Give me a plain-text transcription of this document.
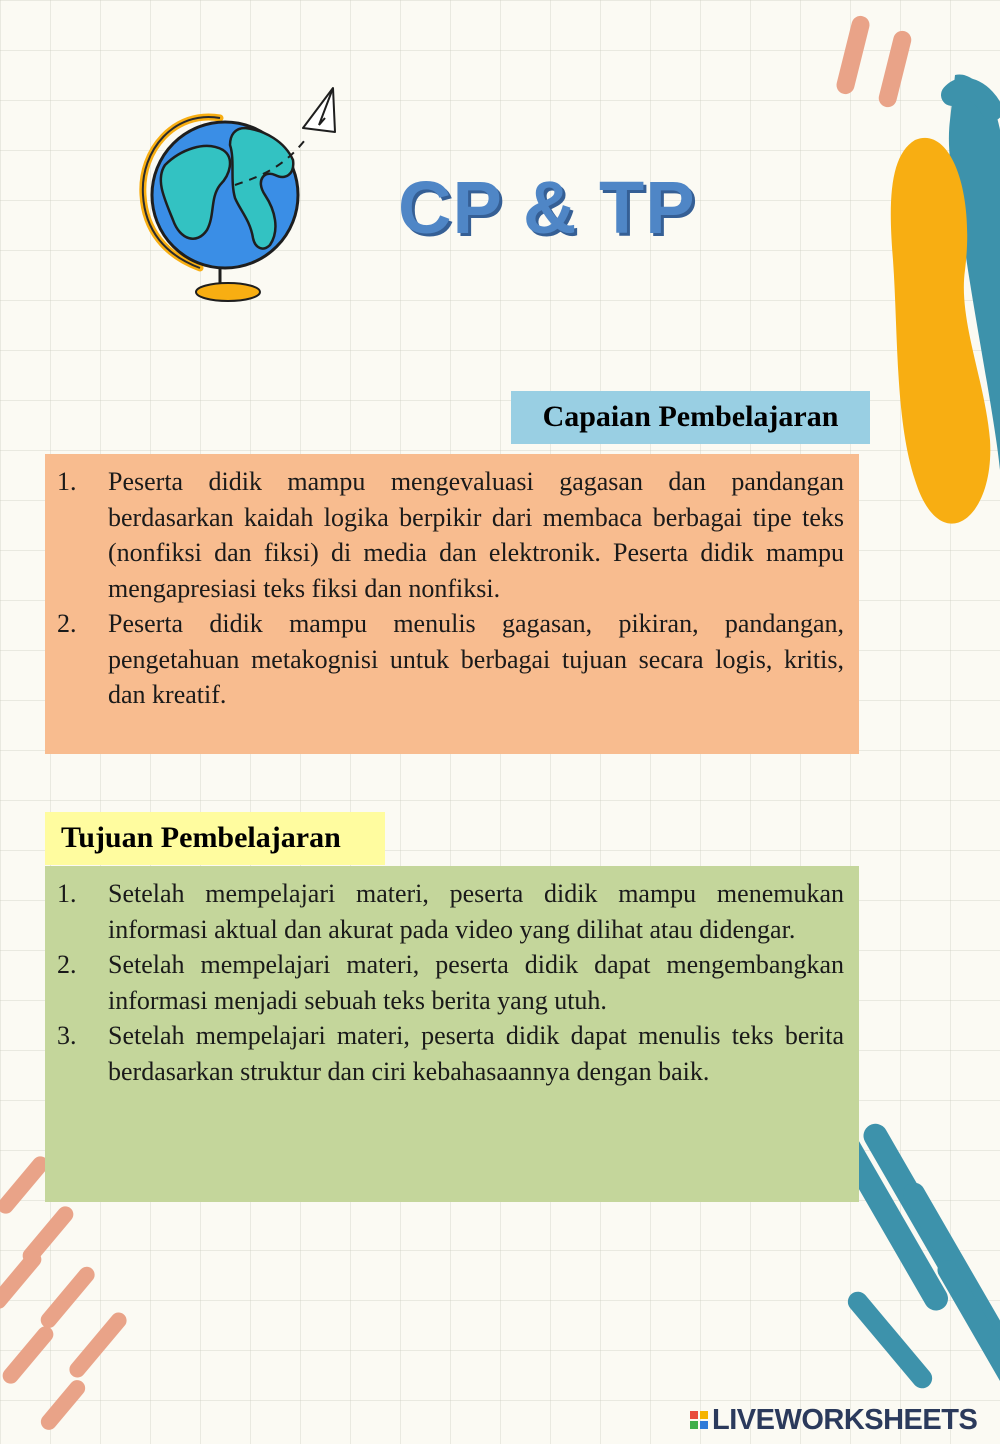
CP & TP
Capaian Pembelajaran
1.	Peserta didik mampu mengevaluasi gagasan dan pandangan berdasarkan kaidah logika berpikir dari membaca berbagai tipe teks (nonfiksi dan fiksi) di media dan elektronik. Peserta didik mampu mengapresiasi teks fiksi dan nonfiksi.
2.	Peserta didik mampu menulis gagasan, pikiran, pandangan, pengetahuan metakognisi untuk berbagai tujuan secara logis, kritis, dan kreatif.
Tujuan Pembelajaran
1.	Setelah mempelajari materi, peserta didik mampu menemukan informasi aktual dan akurat pada video yang dilihat atau didengar.
2.	Setelah mempelajari materi, peserta didik dapat mengembangkan informasi menjadi sebuah teks berita yang utuh.
3.	Setelah mempelajari materi, peserta didik dapat menulis teks berita berdasarkan struktur dan ciri kebahasaannya dengan baik.
LIVEWORKSHEETS
